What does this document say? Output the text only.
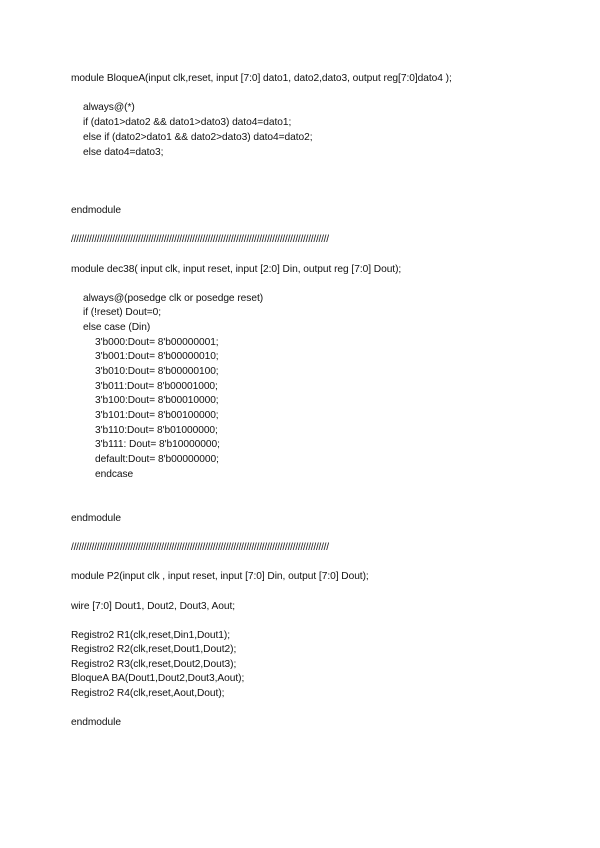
module BloqueA(input clk,reset, input [7:0] dato1, dato2,dato3, output reg[7:0]dato4 );
always@(*)
if (dato1>dato2 && dato1>dato3) dato4=dato1;
else if (dato2>dato1 && dato2>dato3) dato4=dato2;
else dato4=dato3;
endmodule
////////////////////////////////////////////////////////////////////////////////////////////////////
module dec38( input clk, input reset, input [2:0] Din, output reg [7:0] Dout);
always@(posedge clk or posedge reset)
if (!reset) Dout=0;
else case (Din)
3'b000:Dout= 8'b00000001;
3'b001:Dout= 8'b00000010;
3'b010:Dout= 8'b00000100;
3'b011:Dout= 8'b00001000;
3'b100:Dout= 8'b00010000;
3'b101:Dout= 8'b00100000;
3'b110:Dout= 8'b01000000;
3'b111: Dout= 8'b10000000;
default:Dout= 8'b00000000;
endcase
endmodule
////////////////////////////////////////////////////////////////////////////////////////////////////
module P2(input clk , input reset, input [7:0] Din, output [7:0] Dout);
wire [7:0] Dout1, Dout2, Dout3, Aout;
Registro2 R1(clk,reset,Din1,Dout1);
Registro2 R2(clk,reset,Dout1,Dout2);
Registro2 R3(clk,reset,Dout2,Dout3);
BloqueA BA(Dout1,Dout2,Dout3,Aout);
Registro2 R4(clk,reset,Aout,Dout);
endmodule
